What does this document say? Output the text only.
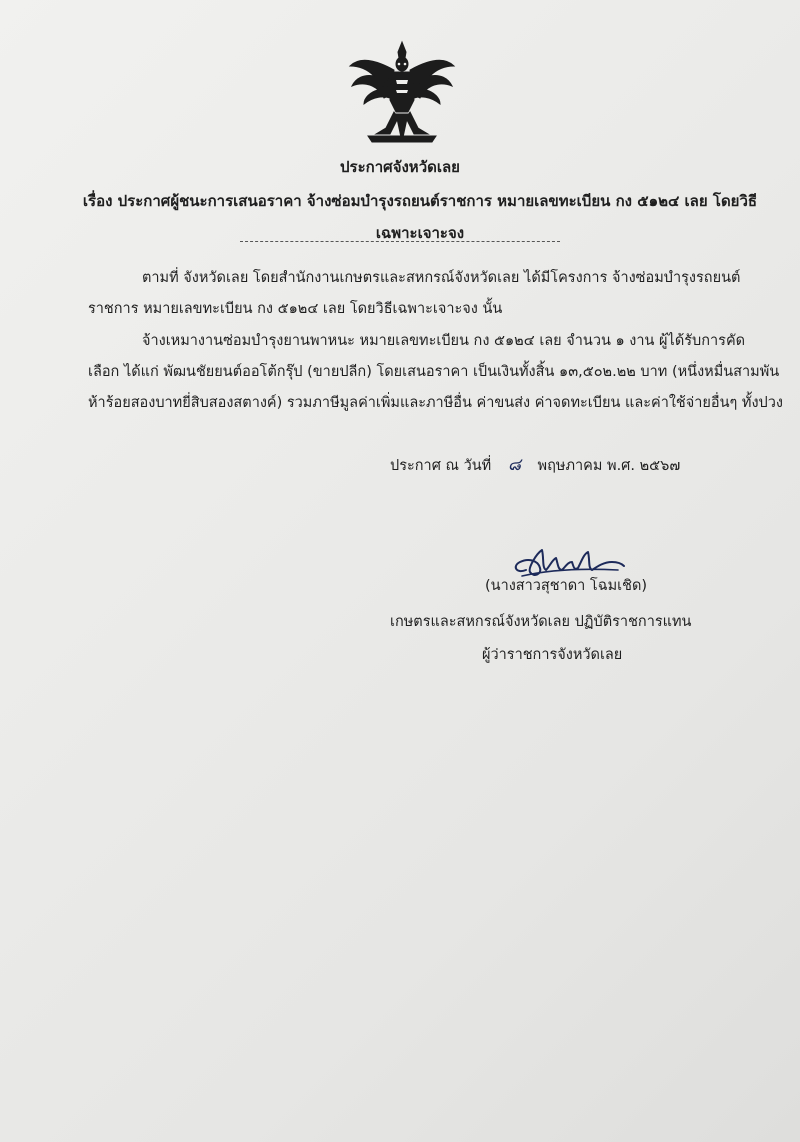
ประกาศจังหวัดเลย
เรื่อง ประกาศผู้ชนะการเสนอราคา จ้างซ่อมบำรุงรถยนต์ราชการ หมายเลขทะเบียน กง ๕๑๒๔ เลย โดยวิธี
เฉพาะเจาะจง
ตามที่ จังหวัดเลย โดยสำนักงานเกษตรและสหกรณ์จังหวัดเลย ได้มีโครงการ จ้างซ่อมบำรุงรถยนต์
ราชการ หมายเลขทะเบียน กง ๕๑๒๔ เลย โดยวิธีเฉพาะเจาะจง นั้น
จ้างเหมางานซ่อมบำรุงยานพาหนะ หมายเลขทะเบียน กง ๕๑๒๔ เลย จำนวน ๑ งาน ผู้ได้รับการคัด
เลือก ได้แก่ พัฒนชัยยนต์ออโต้กรุ๊ป (ขายปลีก) โดยเสนอราคา เป็นเงินทั้งสิ้น ๑๓,๕๐๒.๒๒ บาท (หนึ่งหมื่นสามพัน
ห้าร้อยสองบาทยี่สิบสองสตางค์) รวมภาษีมูลค่าเพิ่มและภาษีอื่น ค่าขนส่ง ค่าจดทะเบียน และค่าใช้จ่ายอื่นๆ ทั้งปวง
ประกาศ ณ วันที่ ๘ พฤษภาคม พ.ศ. ๒๕๖๗
(นางสาวสุชาดา โฉมเชิด)
เกษตรและสหกรณ์จังหวัดเลย ปฏิบัติราชการแทน
ผู้ว่าราชการจังหวัดเลย
